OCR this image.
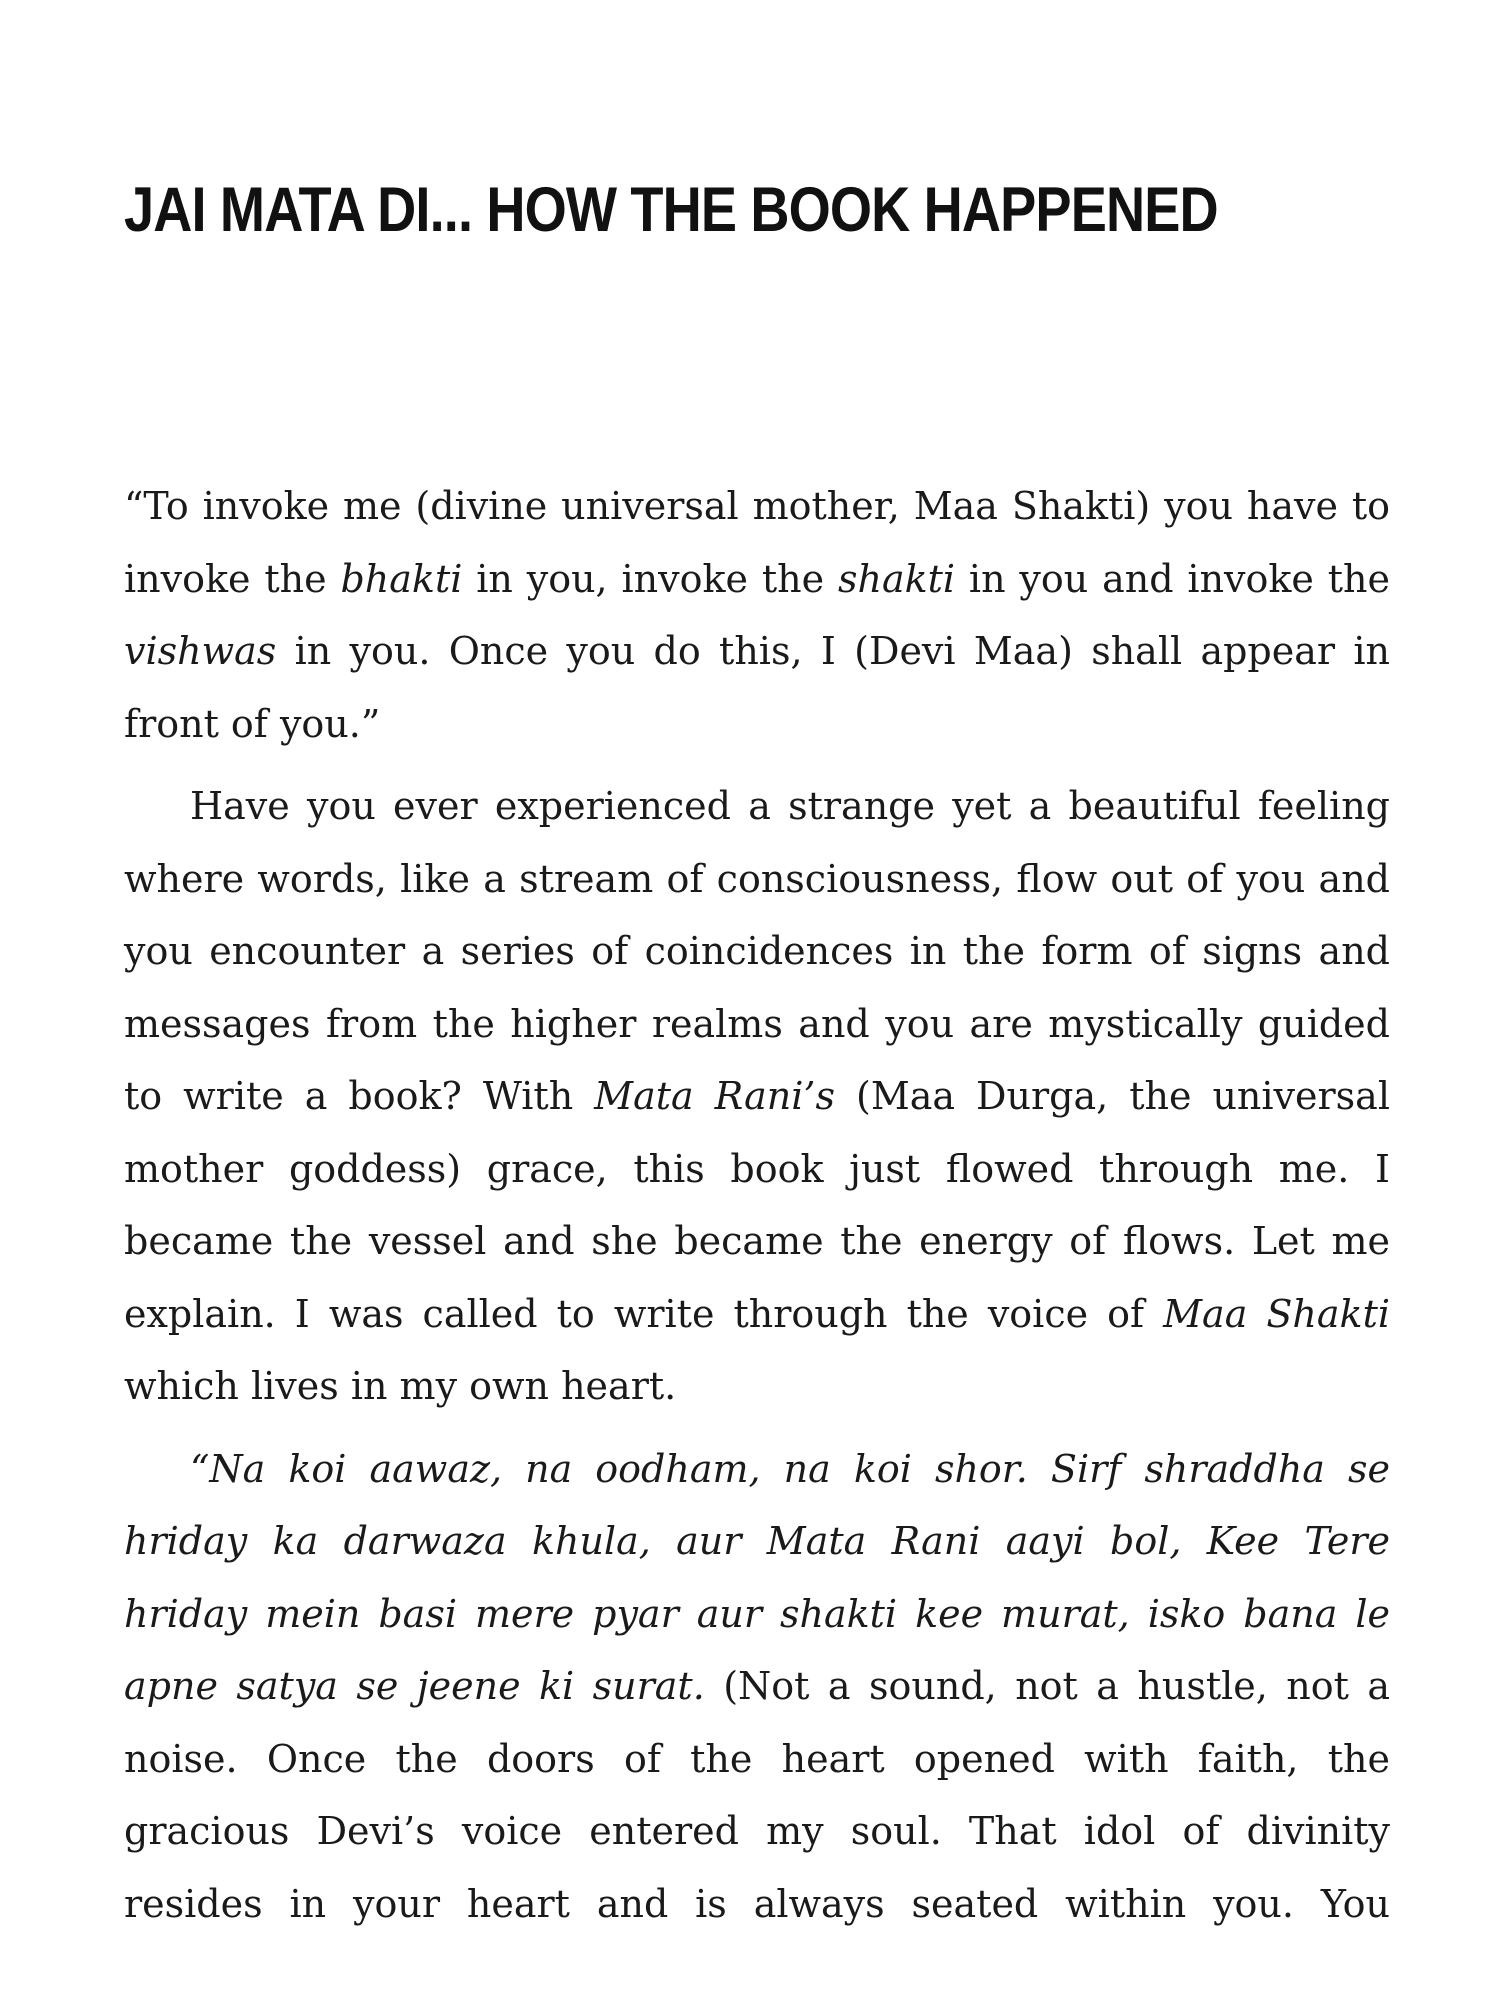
JAI MATA DI... HOW THE BOOK HAPPENED

“To invoke me (divine universal mother, Maa Shakti) you have to invoke the bhakti in you, invoke the shakti in you and invoke the vishwas in you. Once you do this, I (Devi Maa) shall appear in front of you.”

Have you ever experienced a strange yet a beautiful feeling where words, like a stream of consciousness, flow out of you and you encounter a series of coincidences in the form of signs and messages from the higher realms and you are mystically guided to write a book? With Mata Rani’s (Maa Durga, the universal mother goddess) grace, this book just flowed through me. I became the vessel and she became the energy of flows. Let me explain. I was called to write through the voice of Maa Shakti which lives in my own heart.

“Na koi aawaz, na oodham, na koi shor. Sirf shraddha se hriday ka darwaza khula, aur Mata Rani aayi bol, Kee Tere hriday mein basi mere pyar aur shakti kee murat, isko bana le apne satya se jeene ki surat. (Not a sound, not a hustle, not a noise. Once the doors of the heart opened with faith, the gracious Devi’s voice entered my soul. That idol of divinity resides in your heart and is always seated within you. You
